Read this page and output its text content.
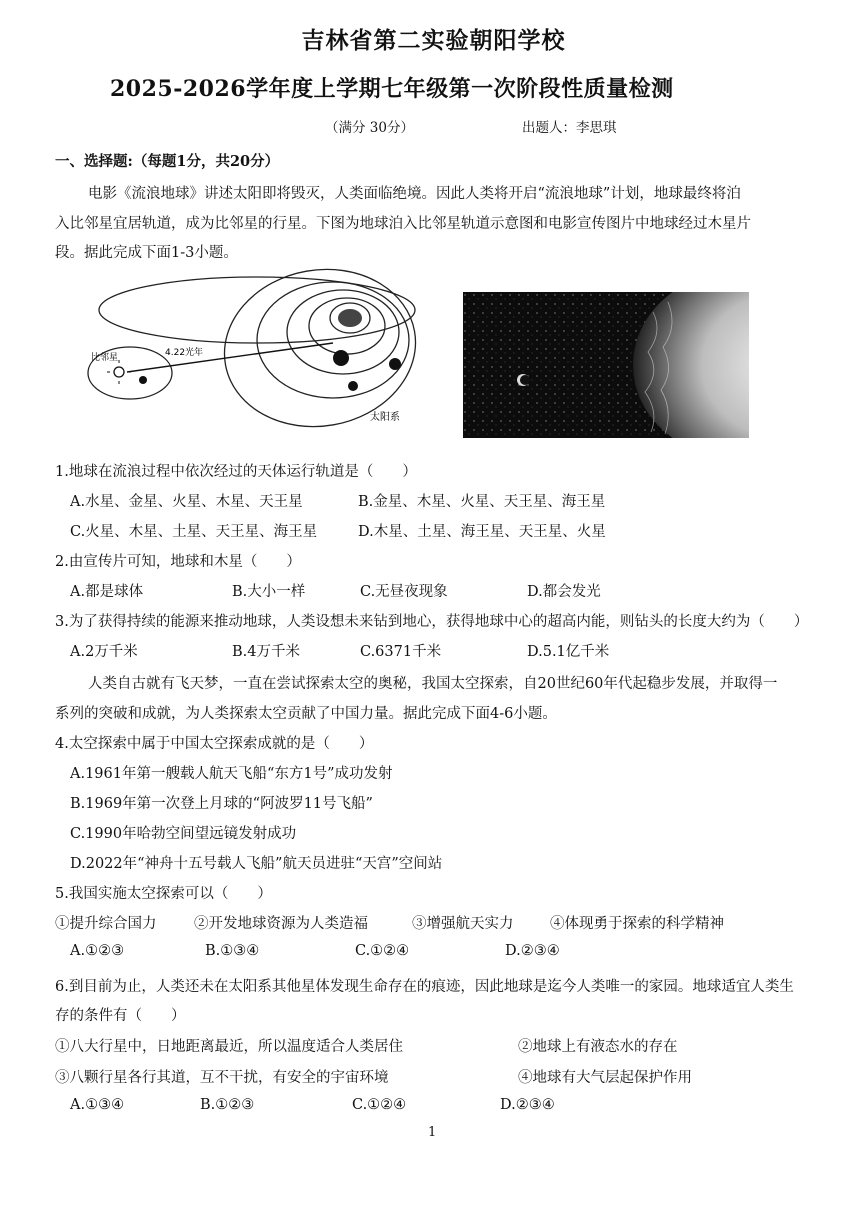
吉林省第二实验朝阳学校
2025-2026学年度上学期七年级第一次阶段性质量检测
（满分 30分）	出题人：李思琪
一、选择题:（每题1分，共20分）
电影《流浪地球》讲述太阳即将毁灭，人类面临绝境。因此人类将开启“流浪地球”计划，地球最终将泊
入比邻星宜居轨道，成为比邻星的行星。下图为地球泊入比邻星轨道示意图和电影宣传图片中地球经过木星片
段。据此完成下面1-3小题。
比邻星	4.22光年
太阳系
1.地球在流浪过程中依次经过的天体运行轨道是（　　）
A.水星、金星、火星、木星、天王星	B.金星、木星、火星、天王星、海王星
C.火星、木星、土星、天王星、海王星	D.木星、土星、海王星、天王星、火星
2.由宣传片可知，地球和木星（　　）
A.都是球体	B.大小一样	C.无昼夜现象	D.都会发光
3.为了获得持续的能源来推动地球，人类设想未来钻到地心，获得地球中心的超高内能，则钻头的长度大约为（　　）
A.2万千米	B.4万千米	C.6371千米	D.5.1亿千米
人类自古就有飞天梦，一直在尝试探索太空的奥秘，我国太空探索，自20世纪60年代起稳步发展，并取得一
系列的突破和成就，为人类探索太空贡献了中国力量。据此完成下面4-6小题。
4.太空探索中属于中国太空探索成就的是（　　）
A.1961年第一艘载人航天飞船“东方1号”成功发射
B.1969年第一次登上月球的“阿波罗11号飞船”
C.1990年哈勃空间望远镜发射成功
D.2022年“神舟十五号载人飞船”航天员进驻“天宫”空间站
5.我国实施太空探索可以（　　）
①提升综合国力	②开发地球资源为人类造福	③增强航天实力	④体现勇于探索的科学精神
A.①②③	B.①③④	C.①②④	D.②③④
6.到目前为止，人类还未在太阳系其他星体发现生命存在的痕迹，因此地球是迄今人类唯一的家园。地球适宜人类生
存的条件有（　　）
①八大行星中，日地距离最近，所以温度适合人类居住	②地球上有液态水的存在
③八颗行星各行其道，互不干扰，有安全的宇宙环境	④地球有大气层起保护作用
A.①③④	B.①②③	C.①②④	D.②③④
1
